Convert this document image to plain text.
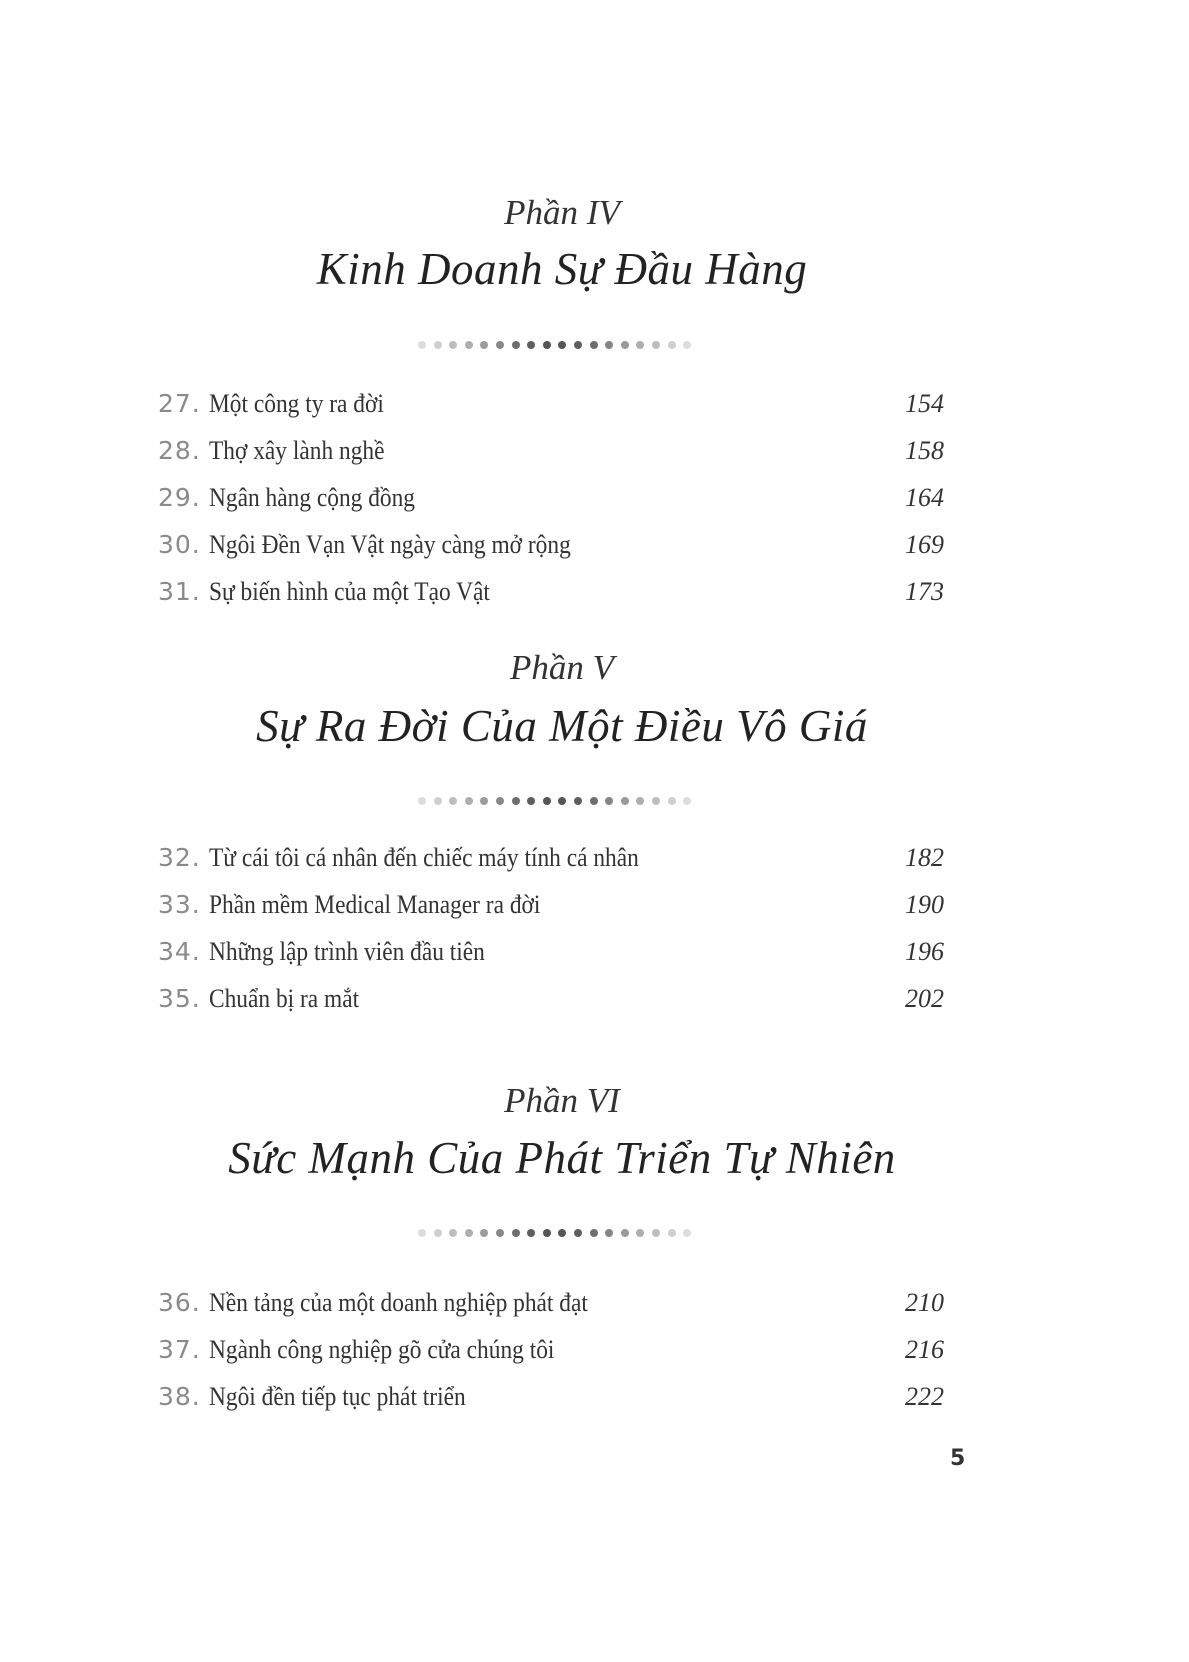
Phần IV
Kinh Doanh Sự Đầu Hàng
27. Một công ty ra đời	154
28. Thợ xây lành nghề	158
29. Ngân hàng cộng đồng	164
30. Ngôi Đền Vạn Vật ngày càng mở rộng	169
31. Sự biến hình của một Tạo Vật	173
Phần V
Sự Ra Đời Của Một Điều Vô Giá
32. Từ cái tôi cá nhân đến chiếc máy tính cá nhân	182
33. Phần mềm Medical Manager ra đời	190
34. Những lập trình viên đầu tiên	196
35. Chuẩn bị ra mắt	202
Phần VI
Sức Mạnh Của Phát Triển Tự Nhiên
36. Nền tảng của một doanh nghiệp phát đạt	210
37. Ngành công nghiệp gõ cửa chúng tôi	216
38. Ngôi đền tiếp tục phát triển	222
5
